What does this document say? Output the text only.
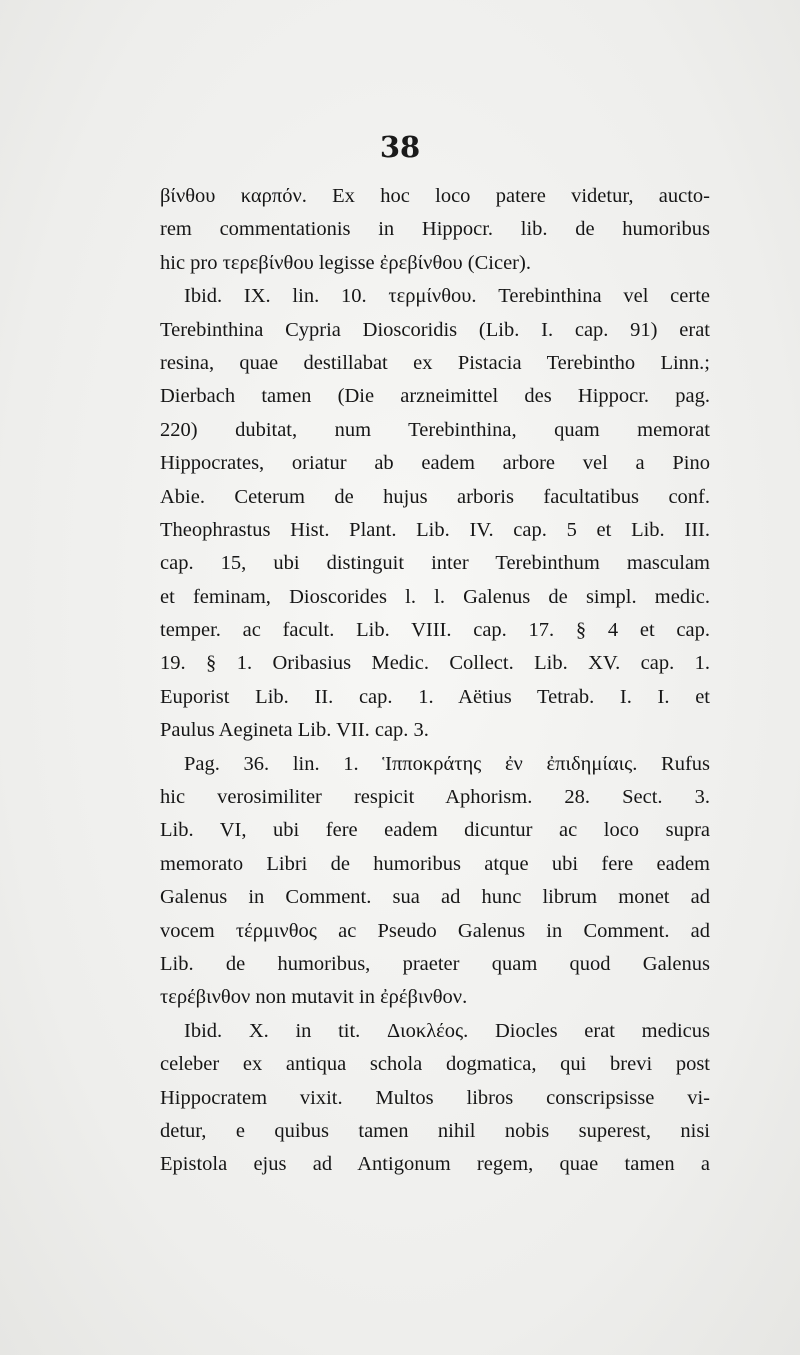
38
βίνθου καρπόν. Ex hoc loco patere videtur, aucto-
rem commentationis in Hippocr. lib. de humoribus
hic pro τερεβίνθου legisse ἐρεβίνθου (Cicer).
Ibid. IX. lin. 10. τερμίνθου. Terebinthina vel certe
Terebinthina Cypria Dioscoridis (Lib. I. cap. 91) erat
resina, quae destillabat ex Pistacia Terebintho Linn.;
Dierbach tamen (Die arzneimittel des Hippocr. pag.
220) dubitat, num Terebinthina, quam memorat
Hippocrates, oriatur ab eadem arbore vel a Pino
Abie. Ceterum de hujus arboris facultatibus conf.
Theophrastus Hist. Plant. Lib. IV. cap. 5 et Lib. III.
cap. 15, ubi distinguit inter Terebinthum masculam
et feminam, Dioscorides l. l. Galenus de simpl. medic.
temper. ac facult. Lib. VIII. cap. 17. § 4 et cap.
19. § 1. Oribasius Medic. Collect. Lib. XV. cap. 1.
Euporist Lib. II. cap. 1. Aëtius Tetrab. I. I. et
Paulus Aegineta Lib. VII. cap. 3.
Pag. 36. lin. 1. Ἱπποκράτης ἐν ἐπιδημίαις. Rufus
hic verosimiliter respicit Aphorism. 28. Sect. 3.
Lib. VI, ubi fere eadem dicuntur ac loco supra
memorato Libri de humoribus atque ubi fere eadem
Galenus in Comment. sua ad hunc librum monet ad
vocem τέρμινθος ac Pseudo Galenus in Comment. ad
Lib. de humoribus, praeter quam quod Galenus
τερέβινθον non mutavit in ἐρέβινθον.
Ibid. X. in tit. Διοκλέος. Diocles erat medicus
celeber ex antiqua schola dogmatica, qui brevi post
Hippocratem vixit. Multos libros conscripsisse vi-
detur, e quibus tamen nihil nobis superest, nisi
Epistola ejus ad Antigonum regem, quae tamen a
